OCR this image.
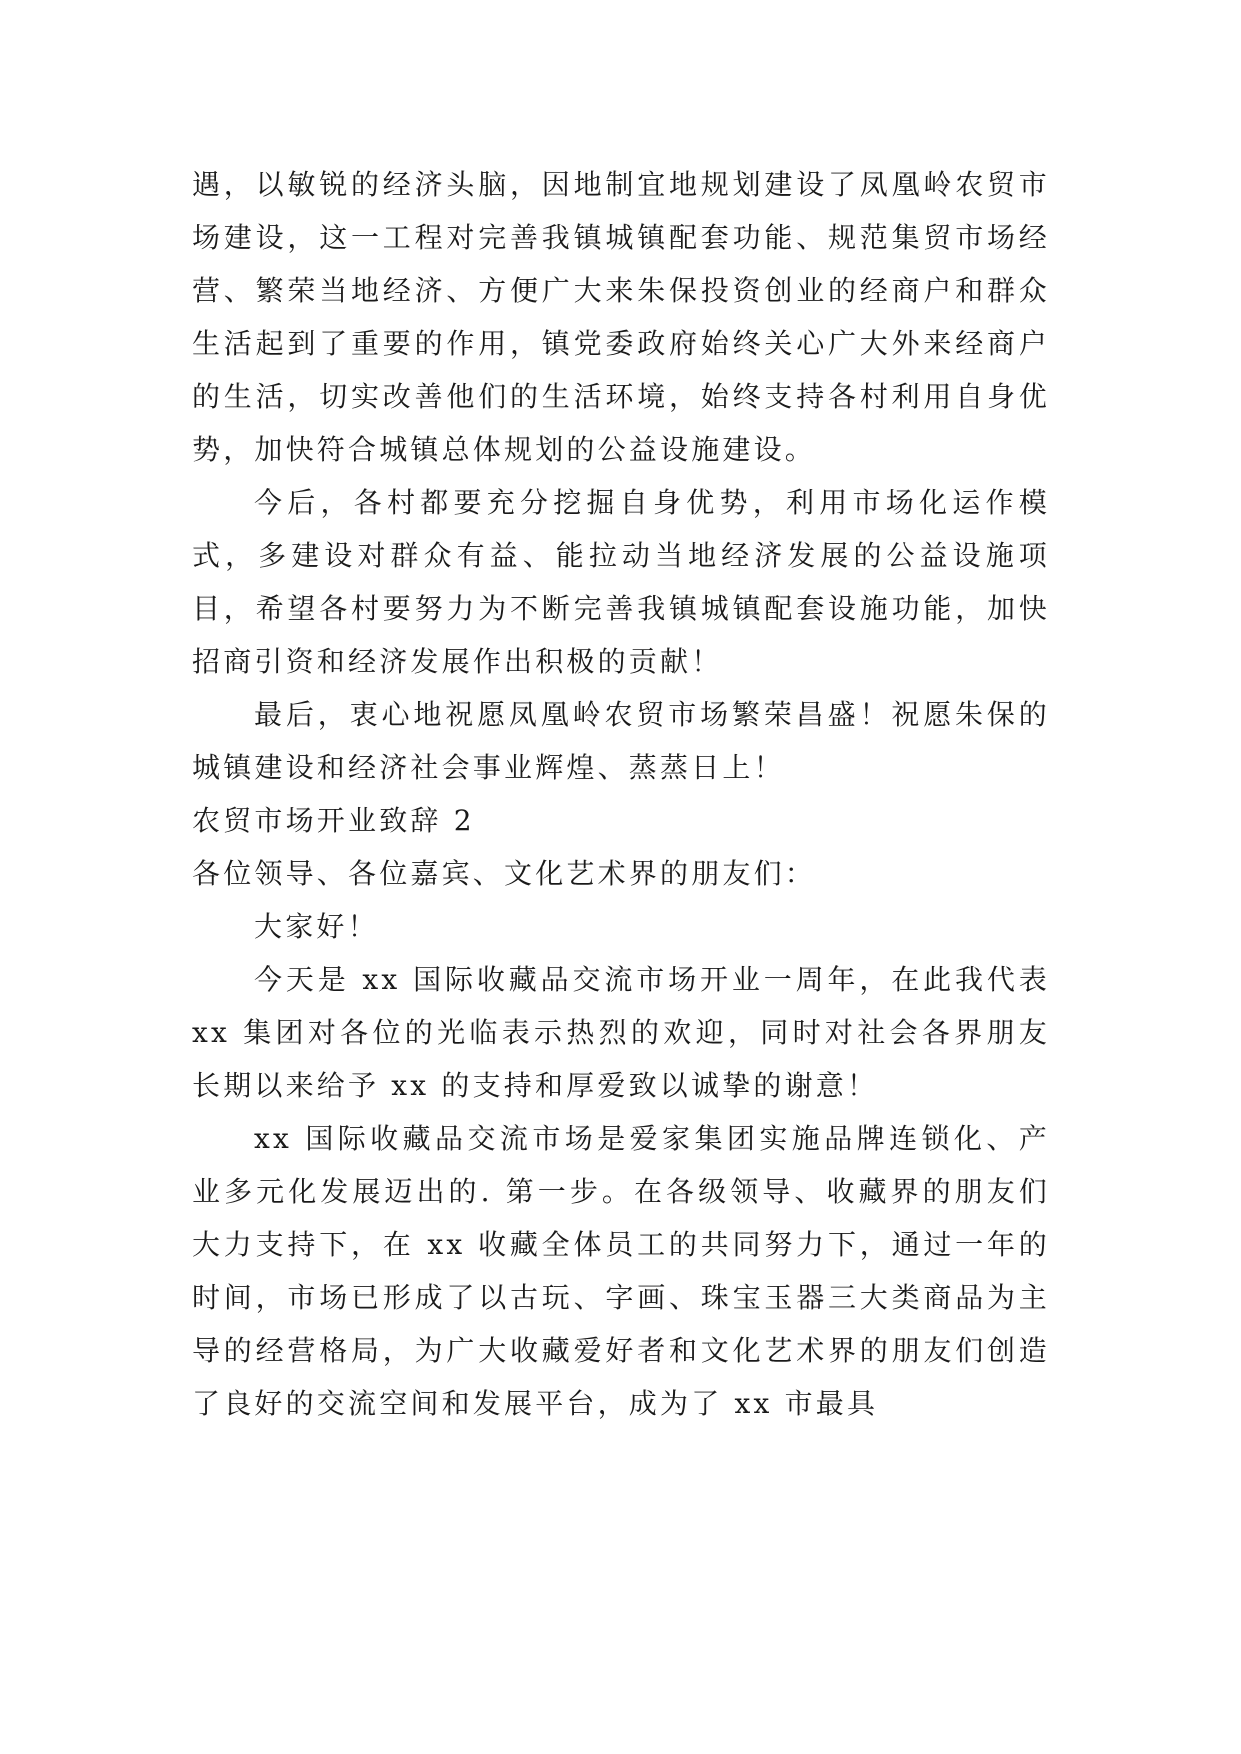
遇，以敏锐的经济头脑，因地制宜地规划建设了凤凰岭农贸市场建设，这一工程对完善我镇城镇配套功能、规范集贸市场经营、繁荣当地经济、方便广大来朱保投资创业的经商户和群众生活起到了重要的作用，镇党委政府始终关心广大外来经商户的生活，切实改善他们的生活环境，始终支持各村利用自身优势，加快符合城镇总体规划的公益设施建设。

今后，各村都要充分挖掘自身优势，利用市场化运作模式，多建设对群众有益、能拉动当地经济发展的公益设施项目，希望各村要努力为不断完善我镇城镇配套设施功能，加快招商引资和经济发展作出积极的贡献！

最后，衷心地祝愿凤凰岭农贸市场繁荣昌盛！祝愿朱保的城镇建设和经济社会事业辉煌、蒸蒸日上！

农贸市场开业致辞 2

各位领导、各位嘉宾、文化艺术界的朋友们：

大家好！

今天是 xx 国际收藏品交流市场开业一周年，在此我代表 xx 集团对各位的光临表示热烈的欢迎，同时对社会各界朋友长期以来给予 xx 的支持和厚爱致以诚挚的谢意！

xx 国际收藏品交流市场是爱家集团实施品牌连锁化、产业多元化发展迈出的. 第一步。在各级领导、收藏界的朋友们大力支持下，在 xx 收藏全体员工的共同努力下，通过一年的时间，市场已形成了以古玩、字画、珠宝玉器三大类商品为主导的经营格局，为广大收藏爱好者和文化艺术界的朋友们创造了良好的交流空间和发展平台，成为了 xx 市最具
